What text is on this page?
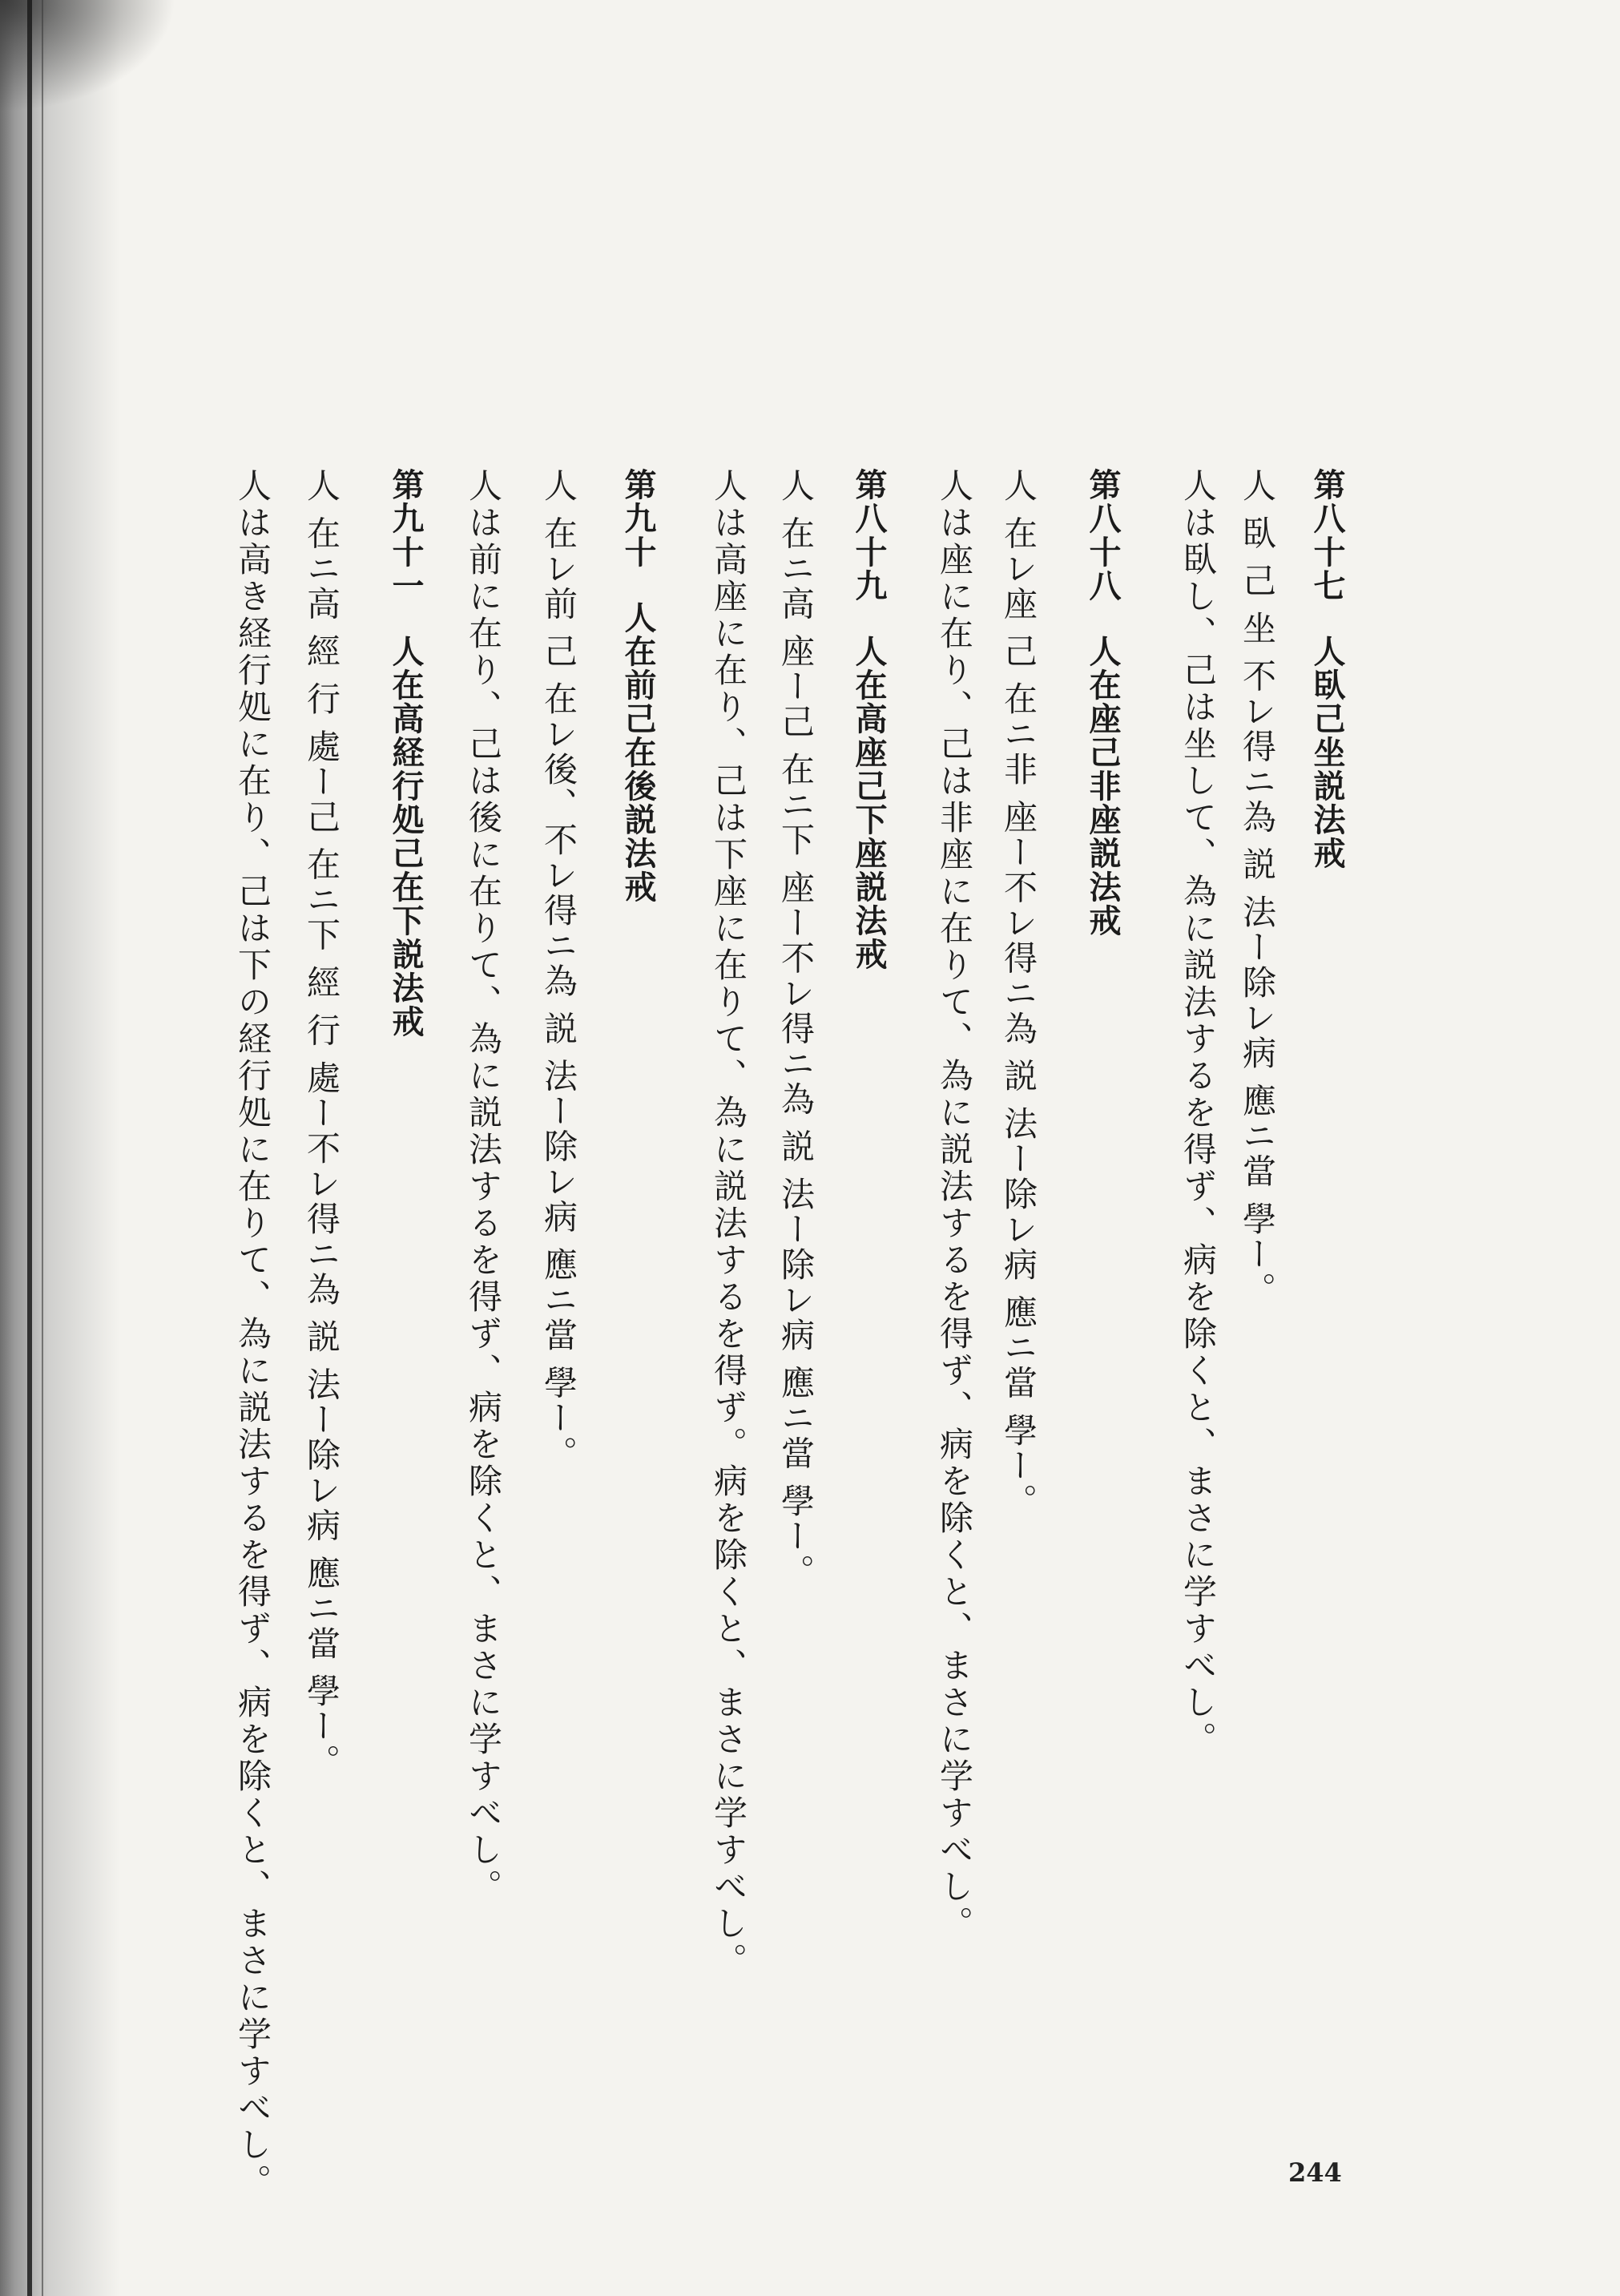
第八十七人臥己坐説法戒
人 臥 己 坐 不レ得ニ為 説 法ー除レ病 應ニ當 學ー。
人は臥し、己は坐して、為に説法するを得ず、病を除くと、まさに学すべし。
第八十八人在座己非座説法戒
人 在レ座 己 在ニ非 座ー不レ得ニ為 説 法ー除レ病 應ニ當 學ー。
人は座に在り、己は非座に在りて、為に説法するを得ず、病を除くと、まさに学すべし。
第八十九人在高座己下座説法戒
人 在ニ高 座ー己 在ニ下 座ー不レ得ニ為 説 法ー除レ病 應ニ當 學ー。
人は高座に在り、己は下座に在りて、為に説法するを得ず。病を除くと、まさに学すべし。
第九十人在前己在後説法戒
人 在レ前 己 在レ後、不レ得ニ為 説 法ー除レ病 應ニ當 學ー。
人は前に在り、己は後に在りて、為に説法するを得ず、病を除くと、まさに学すべし。
第九十一人在高経行処己在下説法戒
人 在ニ高 經 行 處ー己 在ニ下 經 行 處ー不レ得ニ為 説 法ー除レ病 應ニ當 學ー。
人は高き経行処に在り、己は下の経行処に在りて、為に説法するを得ず、病を除くと、まさに学すべし。	244
